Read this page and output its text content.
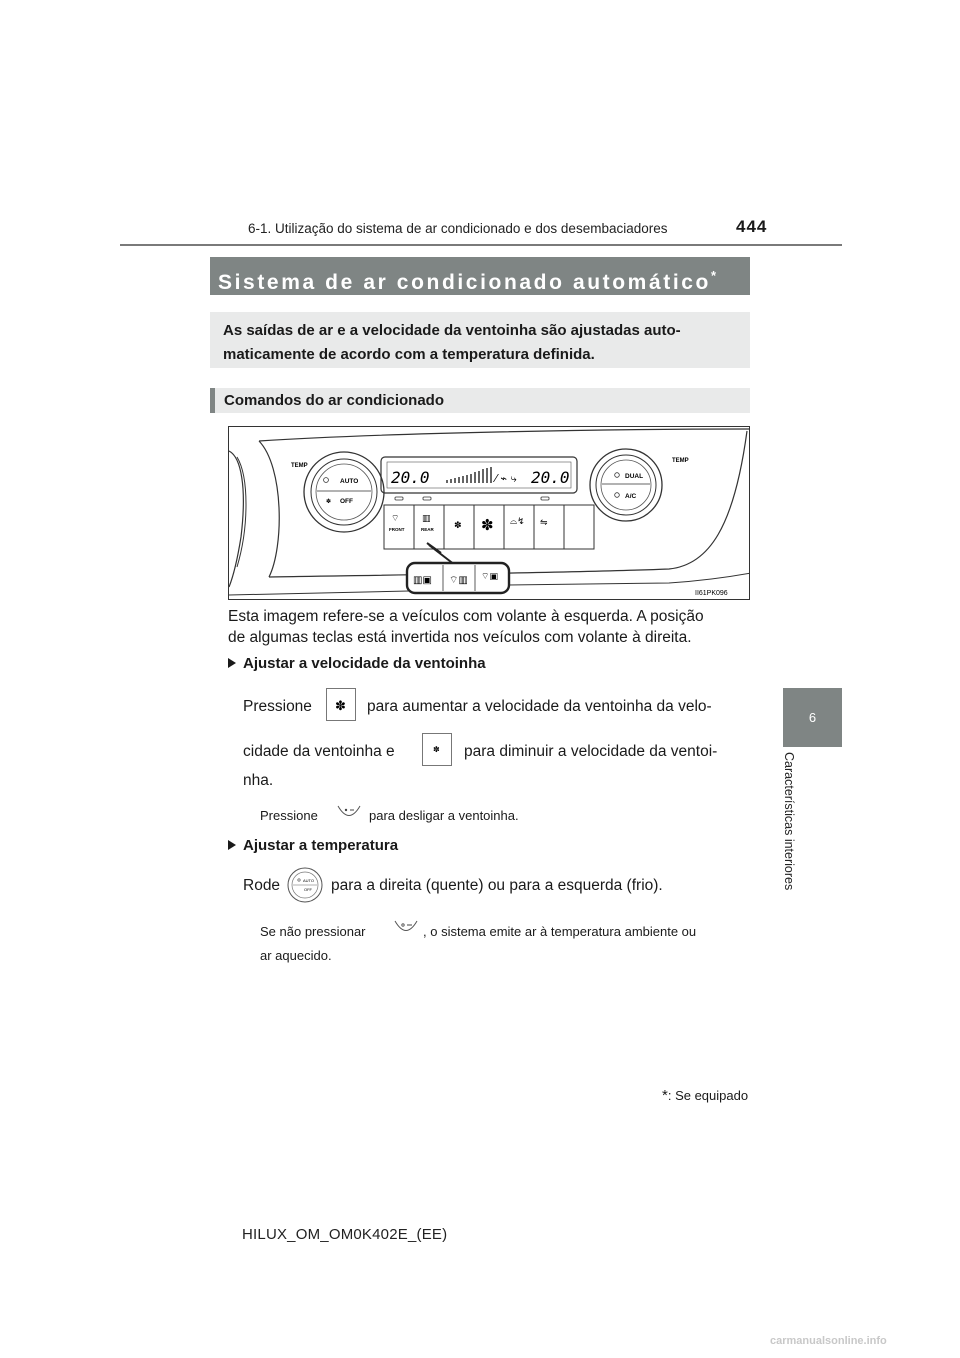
6-1. Utilização do sistema de ar condicionado e dos desembaciadores	444
6
Características interiores
Sistema de ar condicionado automático*
As saídas de ar e a velocidade da ventoinha são ajustadas auto-
maticamente de acordo com a temperatura definida.
Comandos do ar condicionado
AUTO
✽ OFF
TEMP
DUAL
A/C
TEMP
20.0	20.0
⁄ ⌁ ⤷
⌔
FRONT
▥
REAR ✽ ✽ ⌓↯ ⇋
▥▣ ⌔▥ ⌔▣
II61PK096
Esta imagem refere-se a veículos com volante à esquerda. A posição
de algumas teclas está invertida nos veículos com volante à direita.
Ajustar a velocidade da ventoinha
Pressione ✽ para aumentar a velocidade da ventoinha da velo-
cidade da ventoinha e	✽ para diminuir a velocidade da ventoi-
nha.
Pressione	para desligar a ventoinha.
Ajustar a temperatura
Rode	AUTO
OFF para a direita (quente) ou para a esquerda (frio).
Se não pressionar	, o sistema emite ar à temperatura ambiente ou
ar aquecido.
*: Se equipado
HILUX_OM_OM0K402E_(EE)
carmanualsonline.info
